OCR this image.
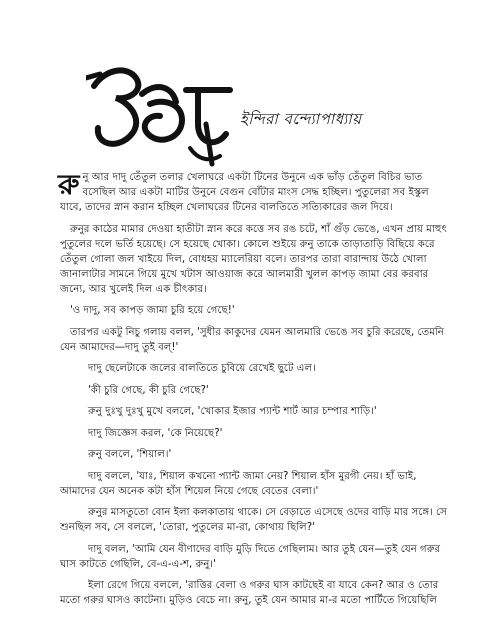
ইন্দিরা বন্দ্যোপাধ্যায়

রুনু আর দাদু তেঁতুল তলার খেলাঘরে একটা টিনের উনুনে এক ভাঁড় তেঁতুল বিচির ভাত বসেছিল আর একটা মাটির উনুনে বেগুন বোঁটার মাংস সেদ্ধ হচ্ছিল। পুতুলেরা সব ইস্কুল যাবে, তাদের স্নান করান হচ্ছিল খেলাঘরের টিনের বালতিতে সত্যিকারের জল দিয়ে।

রুনুর কাঠের মামার দেওয়া হাতীটা স্নান করে কত্তে সব রঙ চটে, শাঁ গুঁড় ভেঙে, এখন প্রায় মাহুৎ পুতুলের দলে ভর্তি হয়েছে। সে হয়েছে খোকা। কোলে শুইয়ে রুনু তাকে তাড়াতাড়ি বিছিয়ে করে তেঁতুল গোলা জল খাইয়ে দিল, বোধহয় ম্যালেরিয়া বলে। তারপর তারা বারান্দায় উঠে খোলা জানালাটার সামনে গিয়ে মুখে খটাস আওয়াজ করে আলমারী খুলল কাপড় জামা বের করবার জন্যে, আর খুলেই দিল এক চীৎকার।

'ও দাদু, সব কাপড় জামা চুরি হয়ে গেছে!'

তারপর একটু নিচু গলায় বলল, 'সুধীর কাকুদের যেমন আলমারি ভেঙে সব চুরি করেছে, তেমনি যেন আমাদের—দাদু তুই বল্!'

দাদু ছেলেটাকে জলের বালতিতে চুবিয়ে রেখেই ছুটে এল।

'কী চুরি গেছে, কী চুরি গেছে?'

রুনু দুঃখু দুঃখু মুখে বললে, 'খোকার ইজার প্যান্ট শার্ট আর চম্পার শাড়ি।'

দাদু জিজ্ঞেস করল, 'কে নিয়েছে?'

রুনু বললে, 'শিয়াল।'

দাদু বললে, 'যাঃ, শিয়াল কখনো প্যান্ট জামা নেয়? শিয়াল হাঁস মুরগী নেয়। হাঁ ভাই, আমাদের যেন অনেক কটা হাঁস শিয়েল নিয়ে গেছে বেতের বেলা।'

রুনুর মাসতুতো বোন ইলা কলকাতায় থাকে। সে বেড়াতে এসেছে ওদের বাড়ি মার সঙ্গে। সে শুনছিল সব, সে বললে, 'তোরা, পুতুলের মা-রা, কোথায় ছিলি?'

দাদু বলল, 'আমি যেন বীণাদের বাড়ি মুড়ি দিতে গেছিলাম। আর তুই যেন—তুই যেন গরুর ঘাস কাটতে গেছিলি, বে-এ-এ-শ, রুনু।'

ইলা রেগে গিয়ে বললে, 'রাত্তির বেলা ও গরুর ঘাস কাটছেই বা যাবে কেন? আর ও তোর মতো গরুর ঘাসও কাটেনা। মুড়িও বেচে না। রুনু, তুই যেন আমার মা-র মতো পার্টিতে গিয়েছিলি
